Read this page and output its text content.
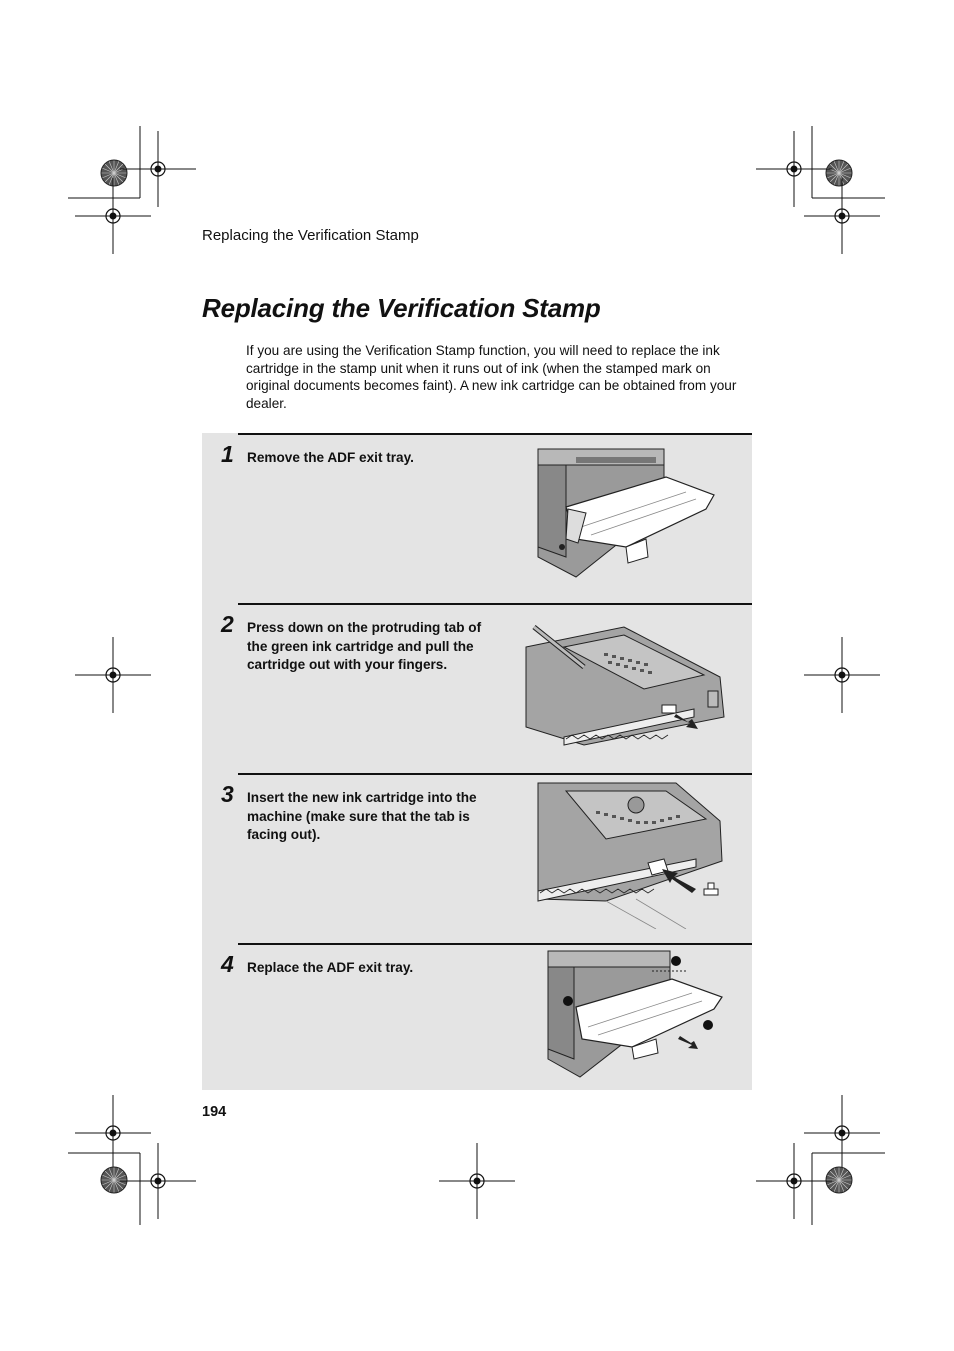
Replacing the Verification Stamp
Replacing the Verification Stamp
If you are using the Verification Stamp function, you will need to replace the ink cartridge in the stamp unit when it runs out of ink (when the stamped mark on original documents becomes faint). A new ink cartridge can be obtained from your dealer.
1 Remove the ADF exit tray.
2 Press down on the protruding tab of the green ink cartridge and pull the cartridge out with your fingers.
3 Insert the new ink cartridge into the machine (make sure that the tab is facing out).
4 Replace the ADF exit tray.
194
